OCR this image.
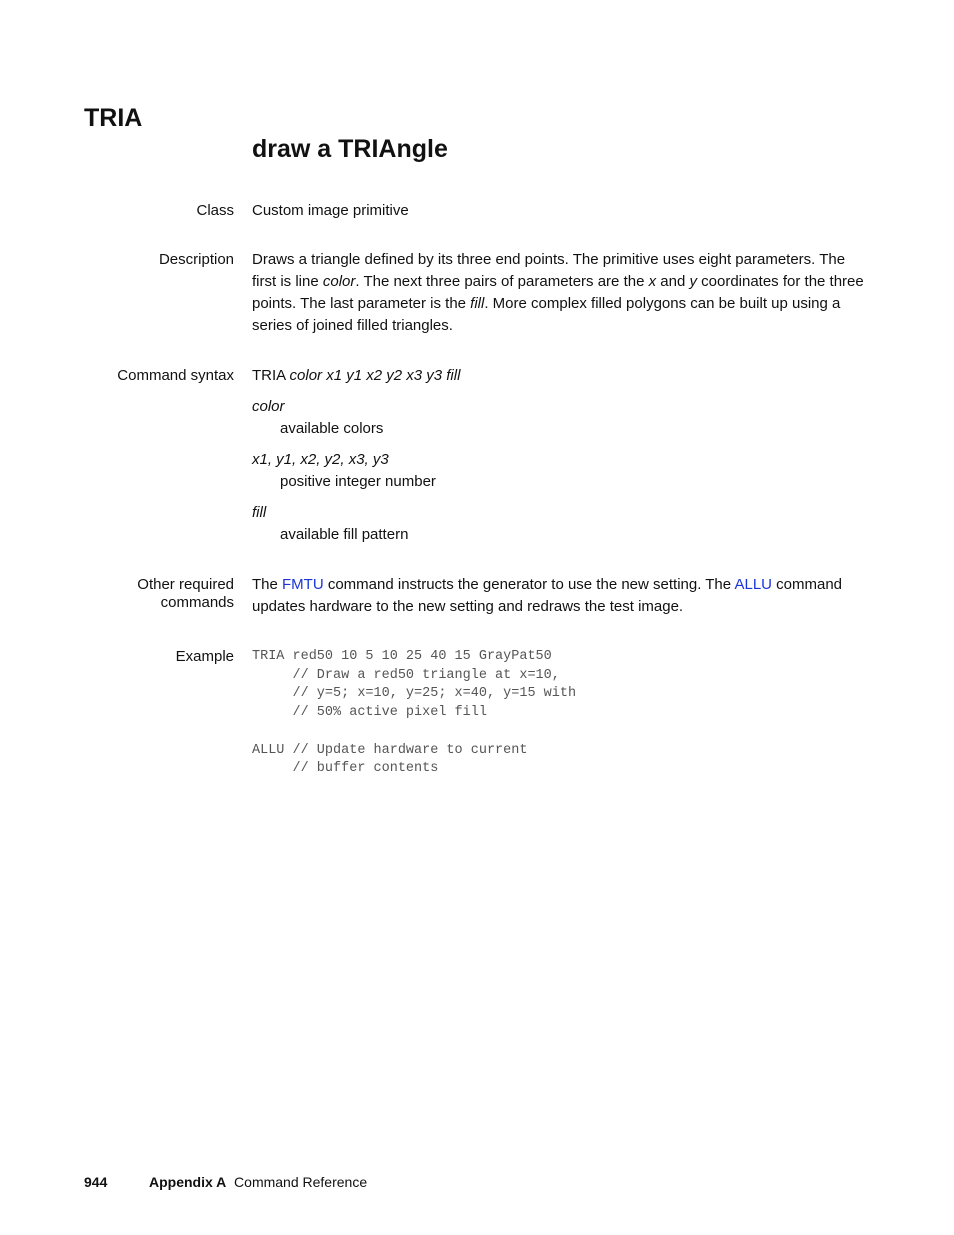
TRIA
draw a TRIAngle
Class Custom image primitive
Description Draws a triangle defined by its three end points. The primitive uses eight parameters. The first is line color. The next three pairs of parameters are the x and y coordinates for the three points. The last parameter is the fill. More complex filled polygons can be built up using a series of joined filled triangles.
Command syntax TRIA color x1 y1 x2 y2 x3 y3 fill
color
available colors
x1, y1, x2, y2, x3, y3
positive integer number
fill
available fill pattern
Other required
commands
The FMTU command instructs the generator to use the new setting. The ALLU command updates hardware to the new setting and redraws the test image.
Example TRIA red50 10 5 10 25 40 15 GrayPat50
// Draw a red50 triangle at x=10,
// y=5; x=10, y=25; x=40, y=15 with
// 50% active pixel fill

ALLU // Update hardware to current
// buffer contents
944	Appendix A Command Reference
